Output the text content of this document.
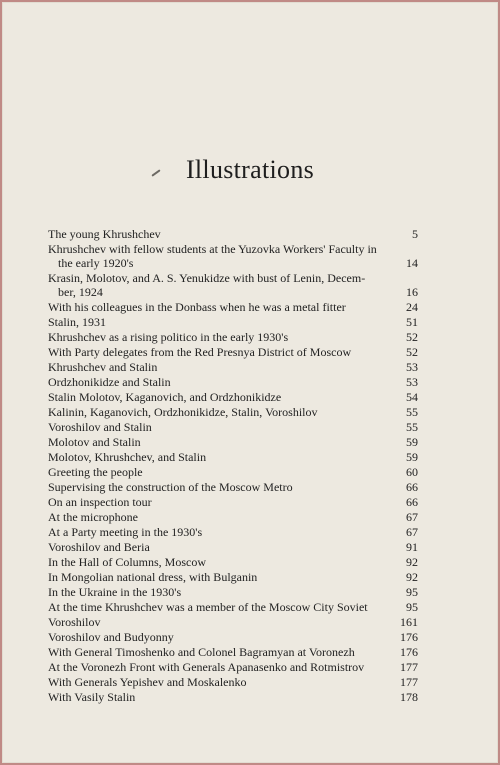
Illustrations
The young Khrushchev	5
Khrushchev with fellow students at the Yuzovka Workers' Faculty in
the early 1920's	14
Krasin, Molotov, and A. S. Yenukidze with bust of Lenin, Decem-
ber, 1924	16
With his colleagues in the Donbass when he was a metal fitter	24
Stalin, 1931	51
Khrushchev as a rising politico in the early 1930's	52
With Party delegates from the Red Presnya District of Moscow	52
Khrushchev and Stalin	53
Ordzhonikidze and Stalin	53
Stalin Molotov, Kaganovich, and Ordzhonikidze	54
Kalinin, Kaganovich, Ordzhonikidze, Stalin, Voroshilov	55
Voroshilov and Stalin	55
Molotov and Stalin	59
Molotov, Khrushchev, and Stalin	59
Greeting the people	60
Supervising the construction of the Moscow Metro	66
On an inspection tour	66
At the microphone	67
At a Party meeting in the 1930's	67
Voroshilov and Beria	91
In the Hall of Columns, Moscow	92
In Mongolian national dress, with Bulganin	92
In the Ukraine in the 1930's	95
At the time Khrushchev was a member of the Moscow City Soviet	95
Voroshilov	161
Voroshilov and Budyonny	176
With General Timoshenko and Colonel Bagramyan at Voronezh	176
At the Voronezh Front with Generals Apanasenko and Rotmistrov	177
With Generals Yepishev and Moskalenko	177
With Vasily Stalin	178
